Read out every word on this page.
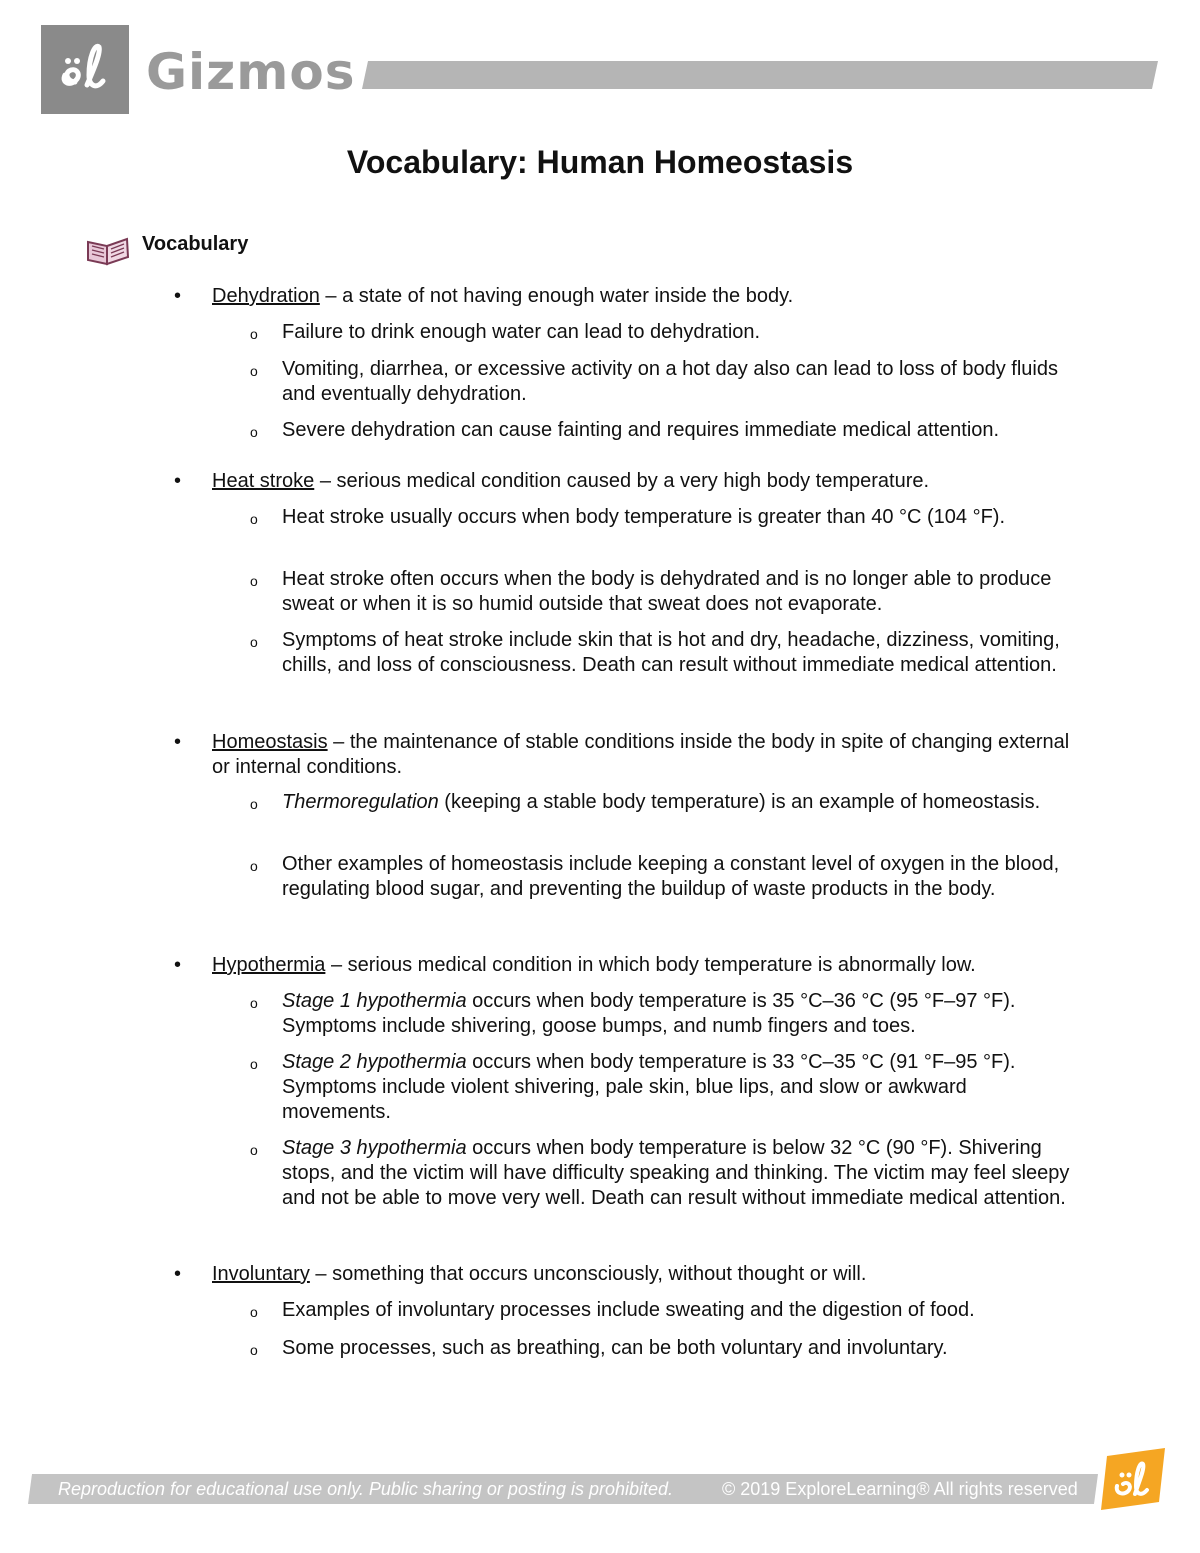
Gizmos
Vocabulary: Human Homeostasis
Vocabulary
• Dehydration – a state of not having enough water inside the body.
o Failure to drink enough water can lead to dehydration.
o Vomiting, diarrhea, or excessive activity on a hot day also can lead to loss of body fluids and eventually dehydration.
o Severe dehydration can cause fainting and requires immediate medical attention.
• Heat stroke – serious medical condition caused by a very high body temperature.
o Heat stroke usually occurs when body temperature is greater than 40 °C (104 °F).
o Heat stroke often occurs when the body is dehydrated and is no longer able to produce sweat or when it is so humid outside that sweat does not evaporate.
o Symptoms of heat stroke include skin that is hot and dry, headache, dizziness, vomiting, chills, and loss of consciousness. Death can result without immediate medical attention.
• Homeostasis – the maintenance of stable conditions inside the body in spite of changing external or internal conditions.
o Thermoregulation (keeping a stable body temperature) is an example of homeostasis.
o Other examples of homeostasis include keeping a constant level of oxygen in the blood, regulating blood sugar, and preventing the buildup of waste products in the body.
• Hypothermia – serious medical condition in which body temperature is abnormally low.
o Stage 1 hypothermia occurs when body temperature is 35 °C–36 °C (95 °F–97 °F). Symptoms include shivering, goose bumps, and numb fingers and toes.
o Stage 2 hypothermia occurs when body temperature is 33 °C–35 °C (91 °F–95 °F). Symptoms include violent shivering, pale skin, blue lips, and slow or awkward movements.
o Stage 3 hypothermia occurs when body temperature is below 32 °C (90 °F). Shivering stops, and the victim will have difficulty speaking and thinking. The victim may feel sleepy and not be able to move very well. Death can result without immediate medical attention.
• Involuntary – something that occurs unconsciously, without thought or will.
o Examples of involuntary processes include sweating and the digestion of food.
o Some processes, such as breathing, can be both voluntary and involuntary.
Reproduction for educational use only. Public sharing or posting is prohibited.	© 2019 ExploreLearning® All rights reserved
